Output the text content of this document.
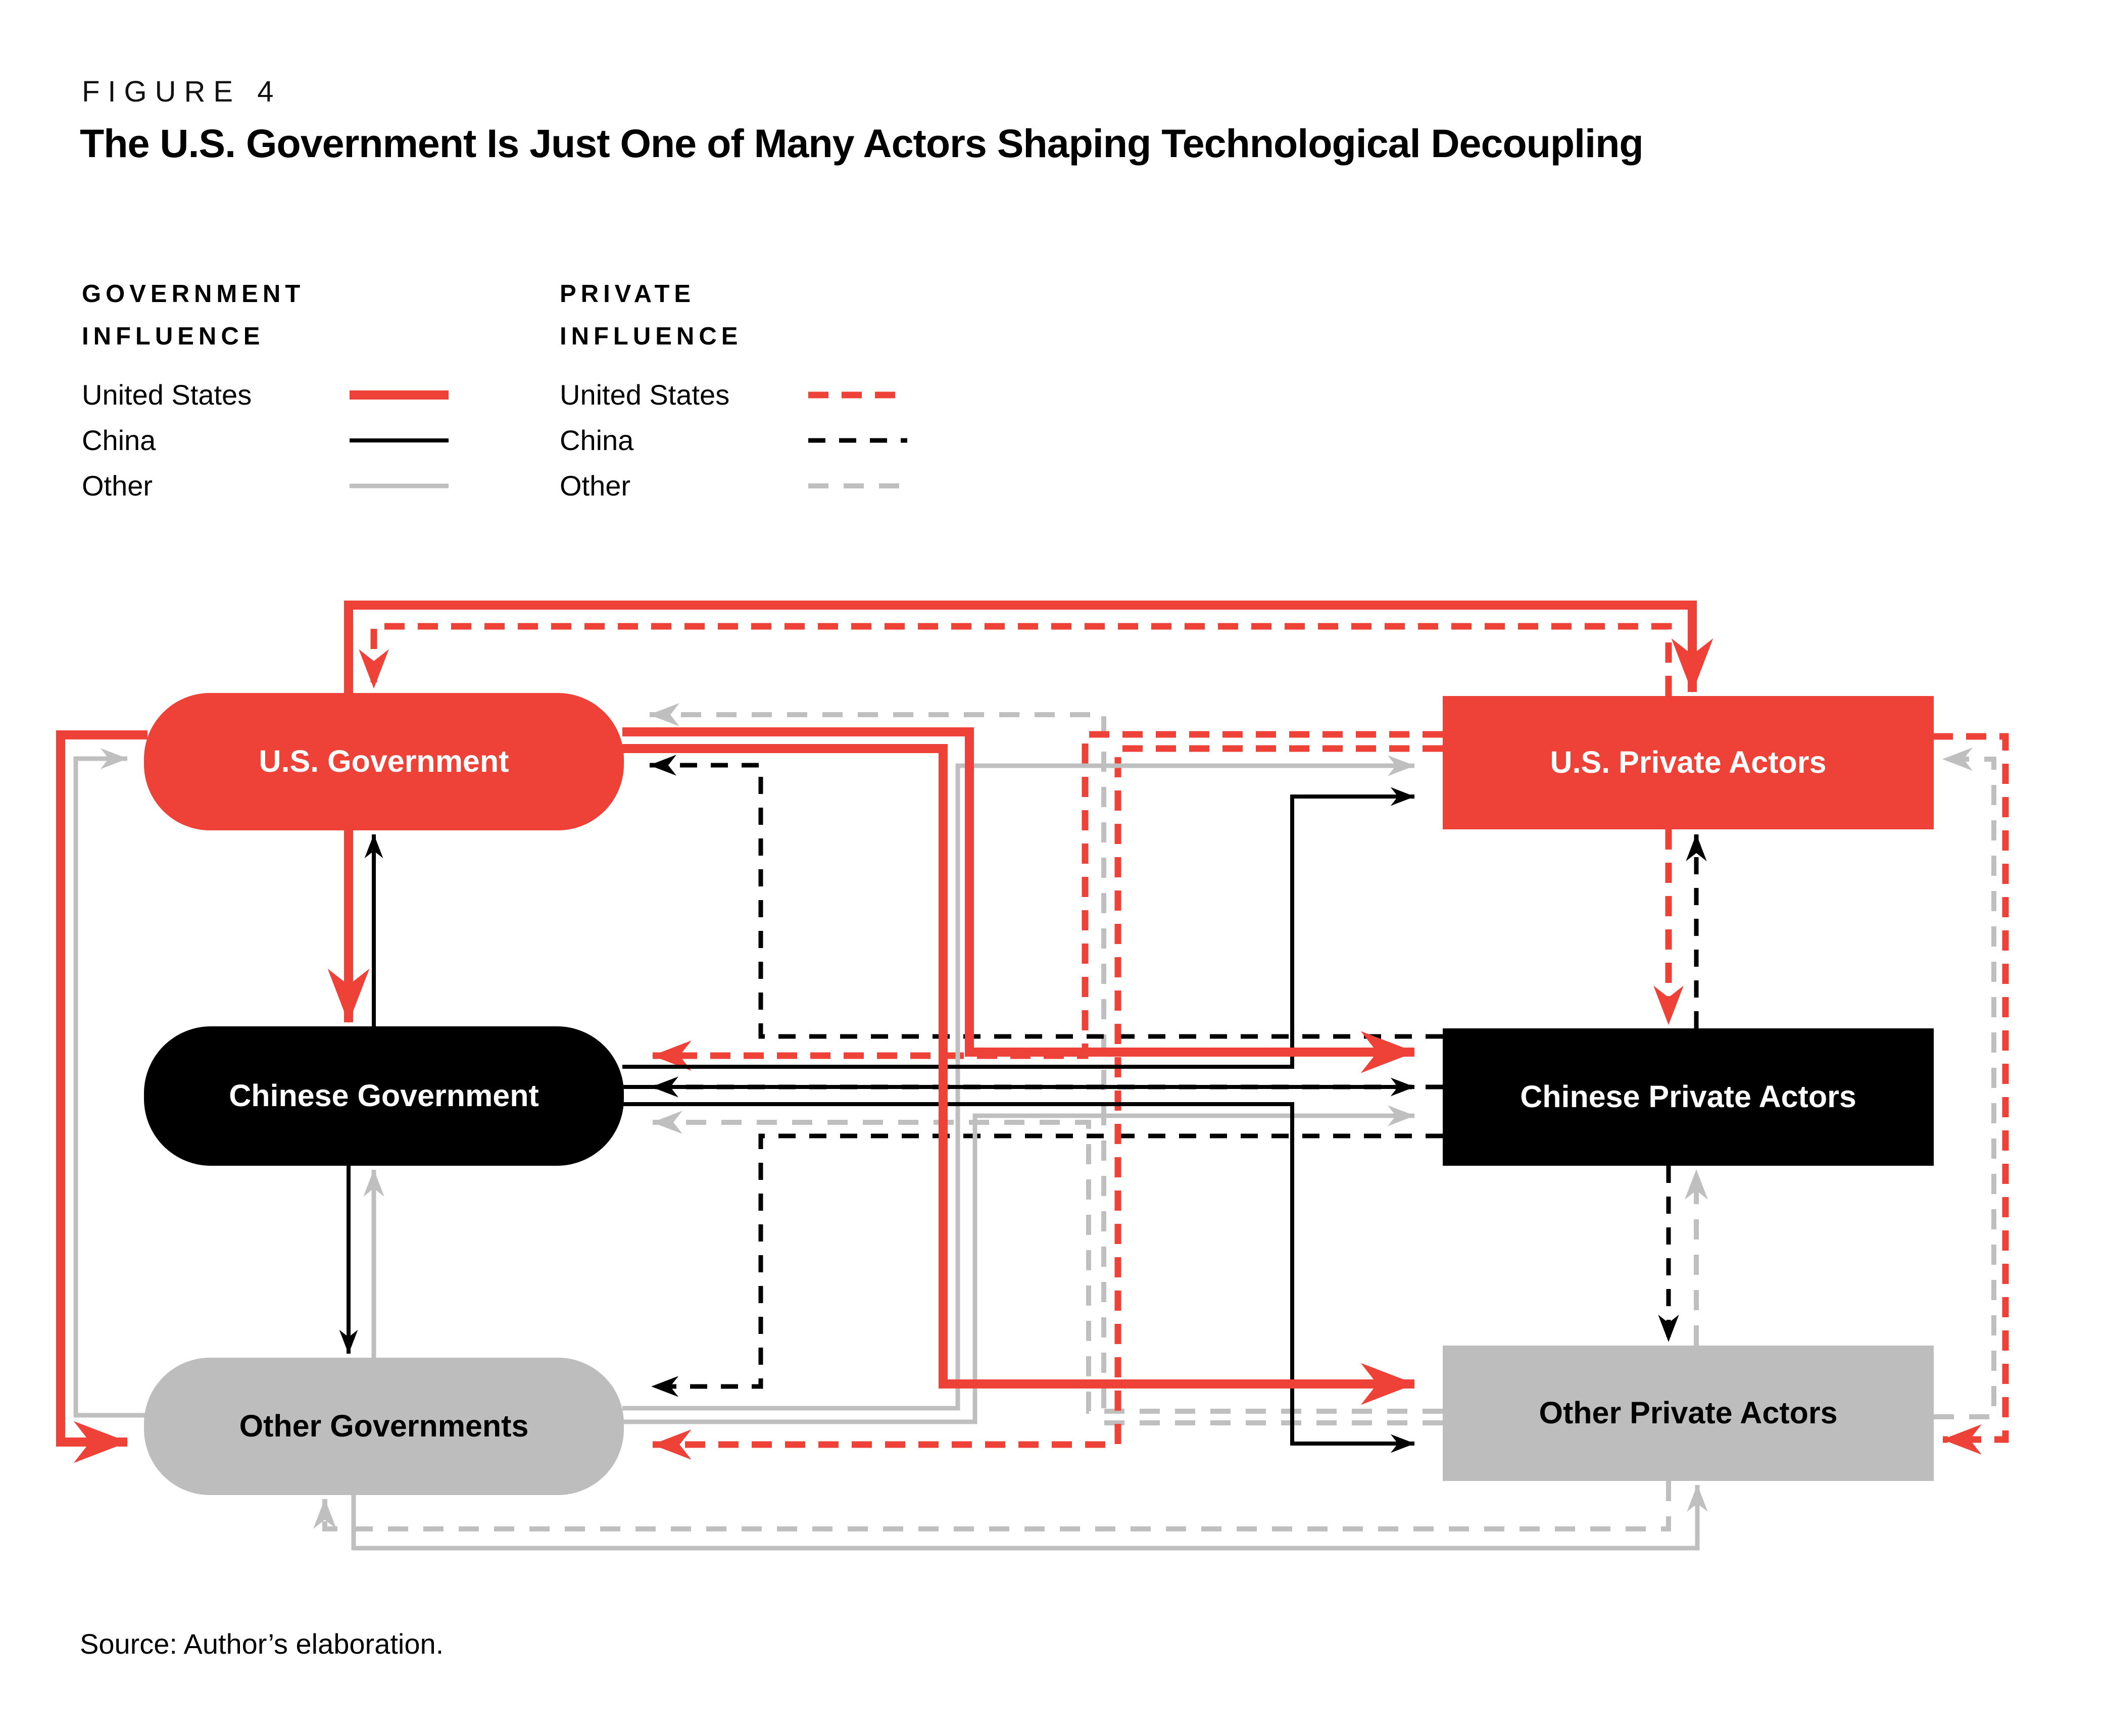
FIGURE 4
The U.S. Government Is Just One of Many Actors Shaping Technological Decoupling
GOVERNMENT
INFLUENCE
United States
China
Other
PRIVATE
INFLUENCE
United States
China
Other
U.S. Government
Chinese Government
Other Governments
U.S. Private Actors
Chinese Private Actors
Other Private Actors
Source: Author’s elaboration.
